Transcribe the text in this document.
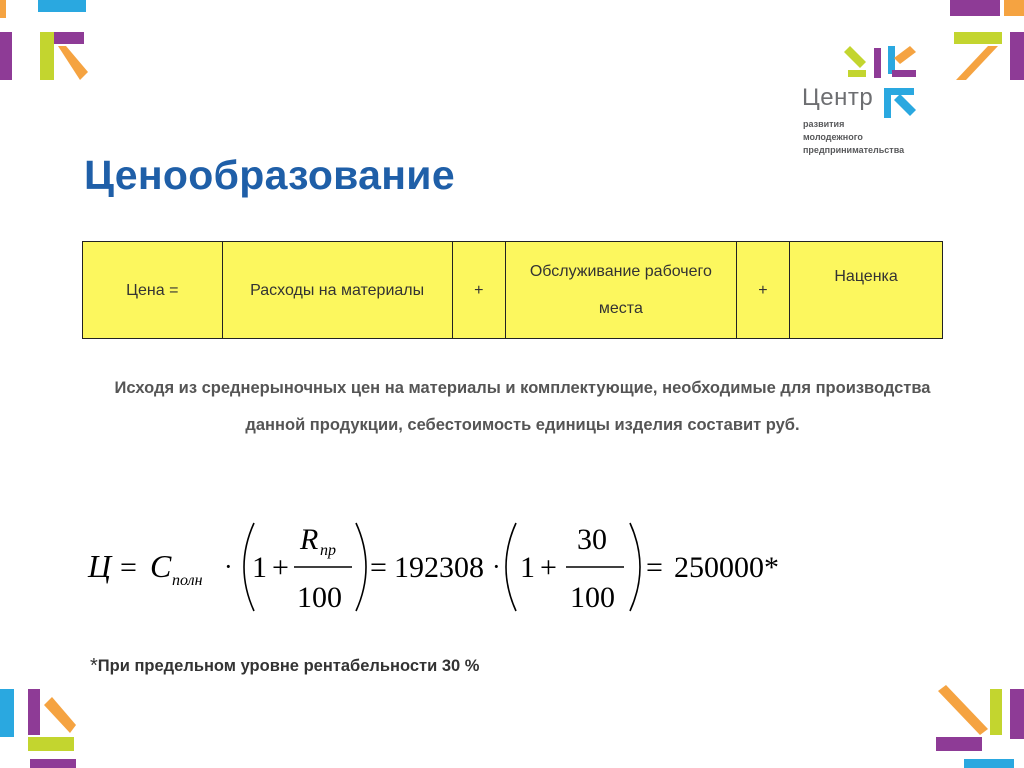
Центр
развития
молодежного
предпринимательства
Ценообразование
Цена =	Расходы на материалы	+	Обслуживание рабочего места	+	Наценка
Исходя из среднерыночных цен на материалы и комплектующие, необходимые для производства данной продукции, себестоимость единицы изделия составит руб.
Ц = C полн · 1 +
R пр
100
= 192308 · 1 +
30
100
= 250000*
*При предельном уровне рентабельности 30 %
